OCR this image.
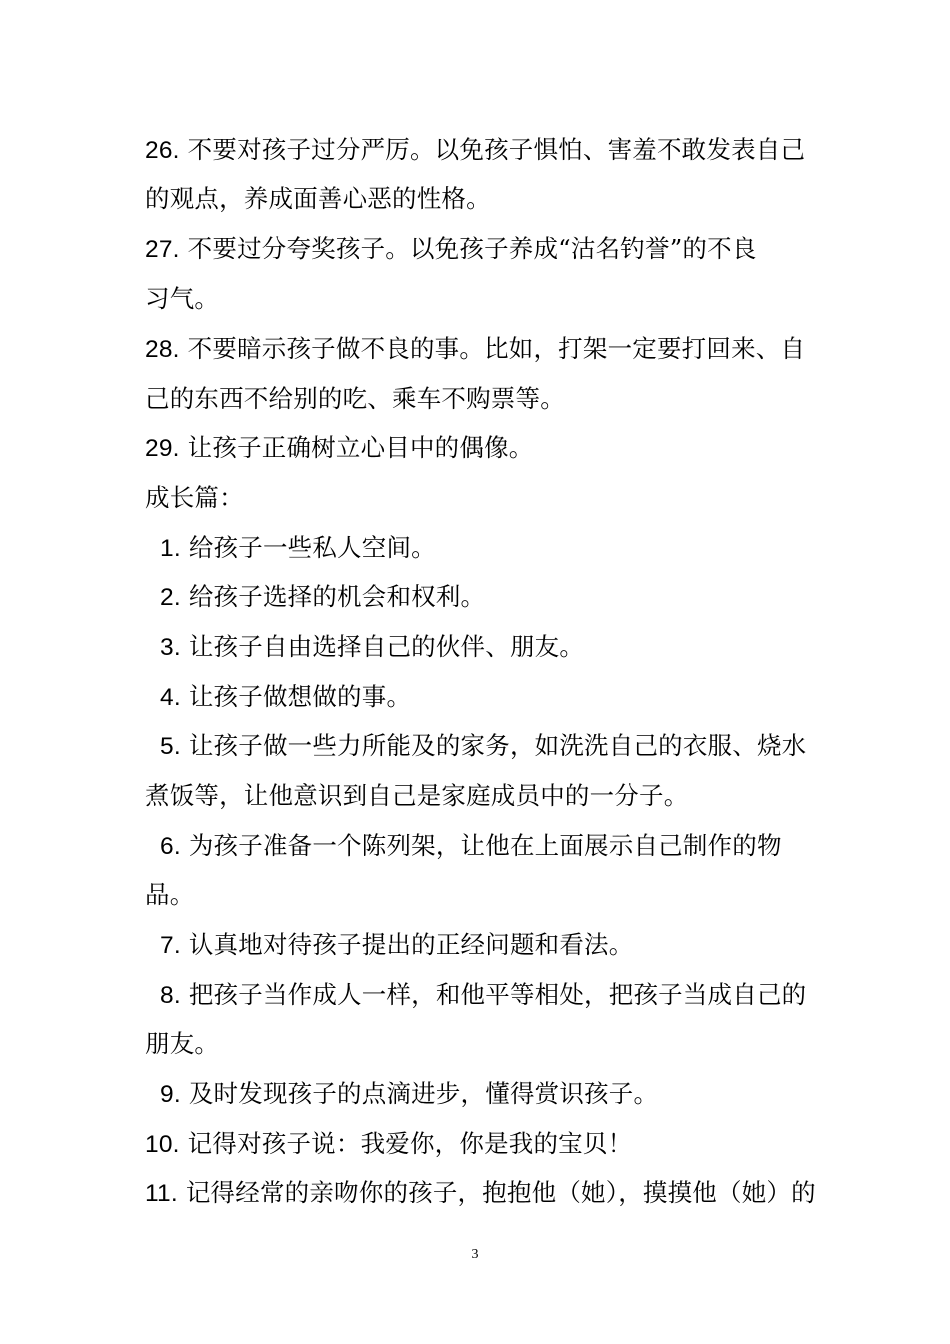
26. 不要对孩子过分严厉。以免孩子惧怕、害羞不敢发表自己
的观点，养成面善心恶的性格。
27. 不要过分夸奖孩子。以免孩子养成“沽名钓誉”的不良
习气。
28. 不要暗示孩子做不良的事。比如，打架一定要打回来、自
己的东西不给别的吃、乘车不购票等。
29. 让孩子正确树立心目中的偶像。
成长篇：
1. 给孩子一些私人空间。
2. 给孩子选择的机会和权利。
3. 让孩子自由选择自己的伙伴、朋友。
4. 让孩子做想做的事。
5. 让孩子做一些力所能及的家务，如洗洗自己的衣服、烧水
煮饭等，让他意识到自己是家庭成员中的一分子。
6. 为孩子准备一个陈列架，让他在上面展示自己制作的物
品。
7. 认真地对待孩子提出的正经问题和看法。
8. 把孩子当作成人一样，和他平等相处，把孩子当成自己的
朋友。
9. 及时发现孩子的点滴进步，懂得赏识孩子。
10. 记得对孩子说：我爱你，你是我的宝贝！
11. 记得经常的亲吻你的孩子，抱抱他（她），摸摸他（她）的
3
